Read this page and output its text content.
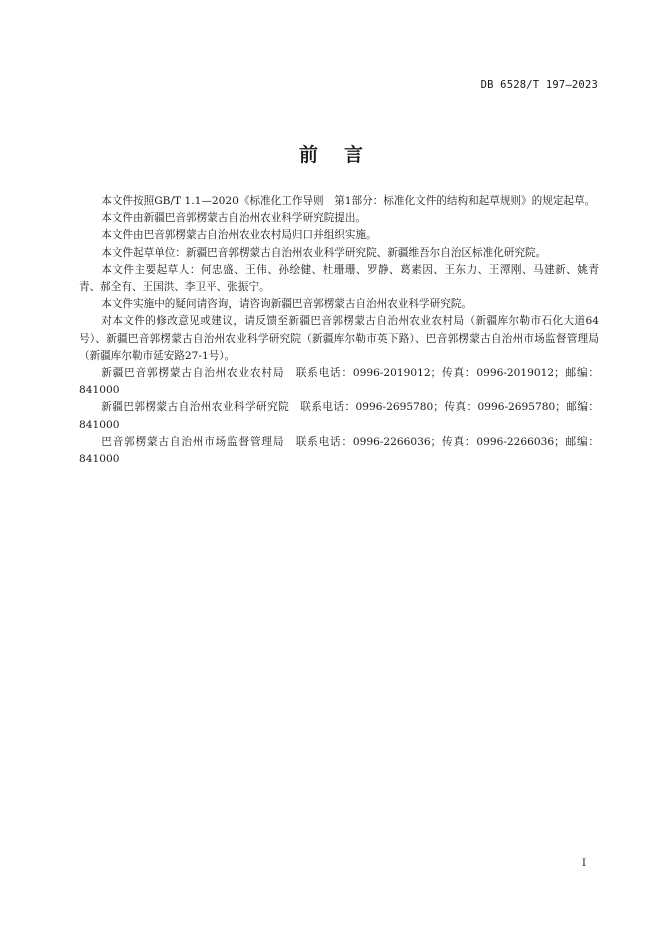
DB 6528/T 197—2023
前言

本文件按照GB/T 1.1—2020《标准化工作导则　第1部分：标准化文件的结构和起草规则》的规定起草。

本文件由新疆巴音郭楞蒙古自治州农业科学研究院提出。

本文件由巴音郭楞蒙古自治州农业农村局归口并组织实施。

本文件起草单位：新疆巴音郭楞蒙古自治州农业科学研究院、新疆维吾尔自治区标准化研究院。

本文件主要起草人：何忠盛、王伟、孙绘健、杜珊珊、罗静、葛素因、王东力、王潭刚、马建新、姚青青、郝全有、王国洪、李卫平、张振宁。

本文件实施中的疑问请咨询，请咨询新疆巴音郭楞蒙古自治州农业科学研究院。

对本文件的修改意见或建议，请反馈至新疆巴音郭楞蒙古自治州农业农村局（新疆库尔勒市石化大道64号）、新疆巴音郭楞蒙古自治州农业科学研究院（新疆库尔勒市英下路）、巴音郭楞蒙古自治州市场监督管理局（新疆库尔勒市延安路27-1号）。

新疆巴音郭楞蒙古自治州农业农村局　联系电话：0996-2019012；传真：0996-2019012；邮编：841000

新疆巴郭楞蒙古自治州农业科学研究院　联系电话：0996-2695780；传真：0996-2695780；邮编：841000

巴音郭楞蒙古自治州市场监督管理局　联系电话：0996-2266036；传真：0996-2266036；邮编：841000

I
